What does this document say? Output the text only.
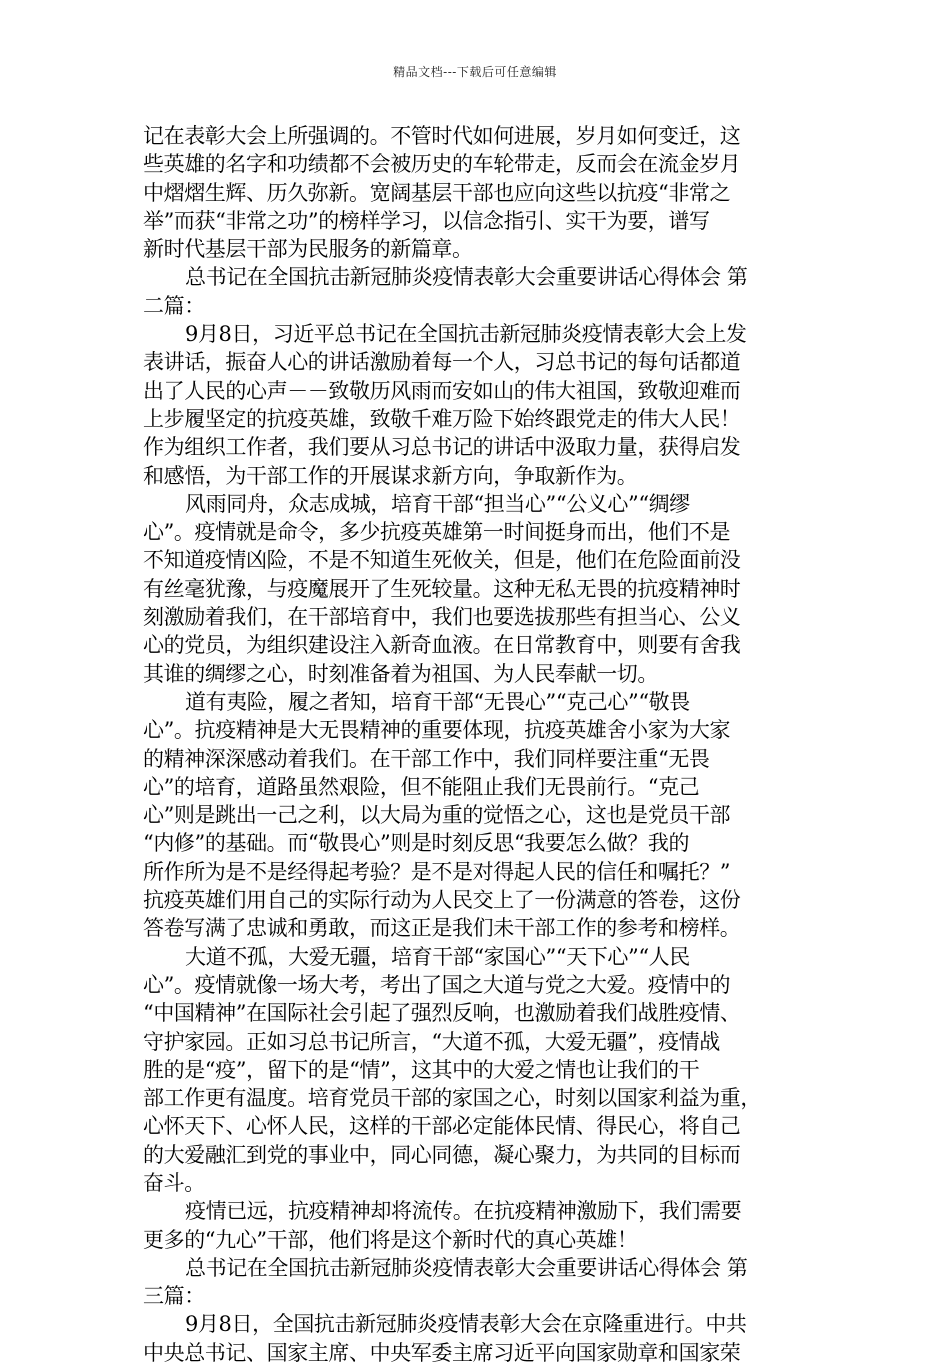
精品文档---下载后可任意编辑
记在表彰大会上所强调的。不管时代如何进展，岁月如何变迁，这
些英雄的名字和功绩都不会被历史的车轮带走，反而会在流金岁月
中熠熠生辉、历久弥新。宽阔基层干部也应向这些以抗疫“非常之
举”而获“非常之功”的榜样学习，以信念指引、实干为要，谱写
新时代基层干部为民服务的新篇章。
总书记在全国抗击新冠肺炎疫情表彰大会重要讲话心得体会 第
二篇：
9月8日，习近平总书记在全国抗击新冠肺炎疫情表彰大会上发
表讲话，振奋人心的讲话激励着每一个人，习总书记的每句话都道
出了人民的心声－－致敬历风雨而安如山的伟大祖国，致敬迎难而
上步履坚定的抗疫英雄，致敬千难万险下始终跟党走的伟大人民！
作为组织工作者，我们要从习总书记的讲话中汲取力量，获得启发
和感悟，为干部工作的开展谋求新方向，争取新作为。
风雨同舟，众志成城，培育干部“担当心”“公义心”“绸缪
心”。疫情就是命令，多少抗疫英雄第一时间挺身而出，他们不是
不知道疫情凶险，不是不知道生死攸关，但是，他们在危险面前没
有丝毫犹豫，与疫魔展开了生死较量。这种无私无畏的抗疫精神时
刻激励着我们，在干部培育中，我们也要选拔那些有担当心、公义
心的党员，为组织建设注入新奇血液。在日常教育中，则要有舍我
其谁的绸缪之心，时刻准备着为祖国、为人民奉献一切。
道有夷险，履之者知，培育干部“无畏心”“克己心”“敬畏
心”。抗疫精神是大无畏精神的重要体现，抗疫英雄舍小家为大家
的精神深深感动着我们。在干部工作中，我们同样要注重“无畏
心”的培育，道路虽然艰险，但不能阻止我们无畏前行。“克己
心”则是跳出一己之利，以大局为重的觉悟之心，这也是党员干部
“内修”的基础。而“敬畏心”则是时刻反思“我要怎么做？我的
所作所为是不是经得起考验？是不是对得起人民的信任和嘱托？”
抗疫英雄们用自己的实际行动为人民交上了一份满意的答卷，这份
答卷写满了忠诚和勇敢，而这正是我们未干部工作的参考和榜样。
大道不孤，大爱无疆，培育干部“家国心”“天下心”“人民
心”。疫情就像一场大考，考出了国之大道与党之大爱。疫情中的
“中国精神”在国际社会引起了强烈反响，也激励着我们战胜疫情、
守护家园。正如习总书记所言，“大道不孤，大爱无疆”，疫情战
胜的是“疫”，留下的是“情”，这其中的大爱之情也让我们的干
部工作更有温度。培育党员干部的家国之心，时刻以国家利益为重，
心怀天下、心怀人民，这样的干部必定能体民情、得民心，将自己
的大爱融汇到党的事业中，同心同德，凝心聚力，为共同的目标而
奋斗。
疫情已远，抗疫精神却将流传。在抗疫精神激励下，我们需要
更多的“九心”干部，他们将是这个新时代的真心英雄！
总书记在全国抗击新冠肺炎疫情表彰大会重要讲话心得体会 第
三篇：
9月8日，全国抗击新冠肺炎疫情表彰大会在京隆重进行。中共
中央总书记、国家主席、中央军委主席习近平向国家勋章和国家荣
